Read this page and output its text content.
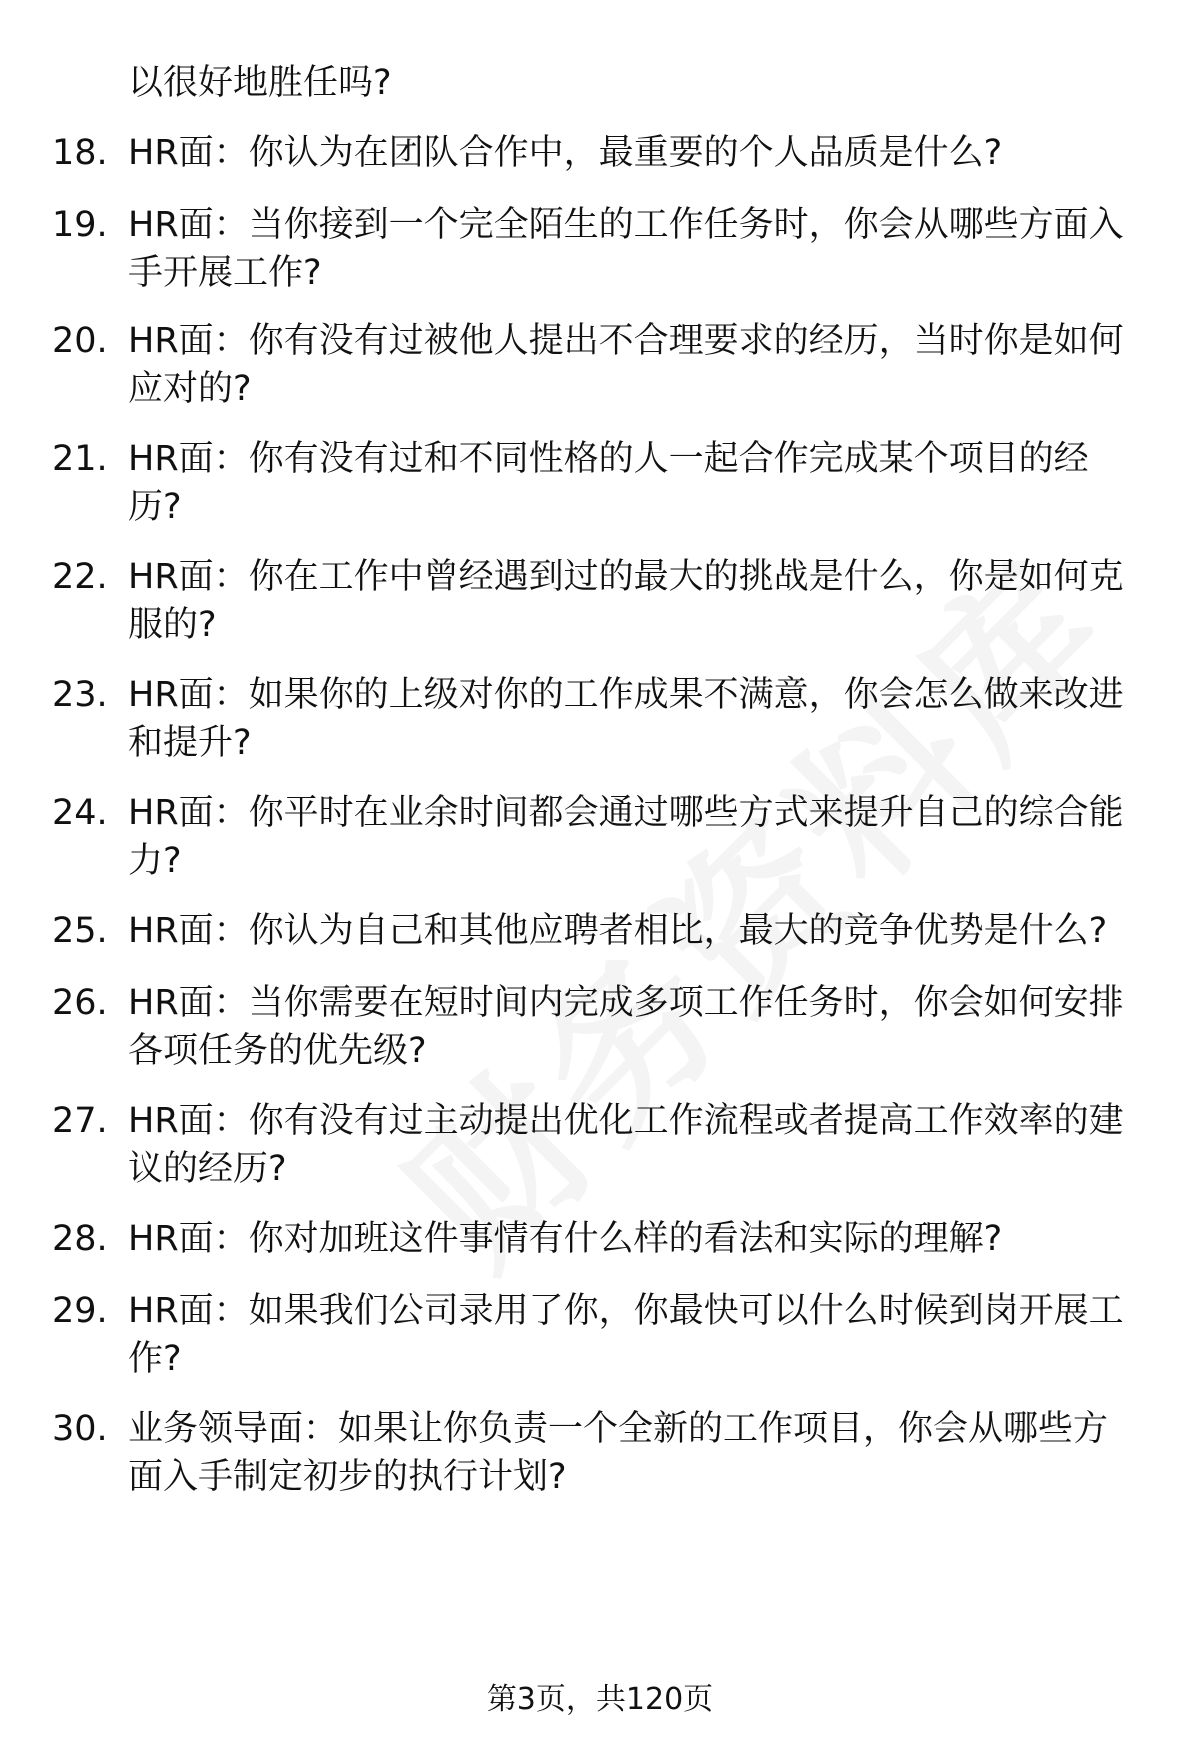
以很好地胜任吗?
18. HR面：你认为在团队合作中，最重要的个人品质是什么?
19. HR面：当你接到一个完全陌生的工作任务时，你会从哪些方面入
手开展工作?
20. HR面：你有没有过被他人提出不合理要求的经历，当时你是如何
应对的?
21. HR面：你有没有过和不同性格的人一起合作完成某个项目的经
历?
22. HR面：你在工作中曾经遇到过的最大的挑战是什么，你是如何克
服的?
23. HR面：如果你的上级对你的工作成果不满意，你会怎么做来改进
和提升?
24. HR面：你平时在业余时间都会通过哪些方式来提升自己的综合能
力?
25. HR面：你认为自己和其他应聘者相比，最大的竞争优势是什么?
26. HR面：当你需要在短时间内完成多项工作任务时，你会如何安排
各项任务的优先级?
27. HR面：你有没有过主动提出优化工作流程或者提高工作效率的建
议的经历?
28. HR面：你对加班这件事情有什么样的看法和实际的理解?
29. HR面：如果我们公司录用了你，你最快可以什么时候到岗开展工
作?
30. 业务领导面：如果让你负责一个全新的工作项目，你会从哪些方
面入手制定初步的执行计划?
第3页，共120页
